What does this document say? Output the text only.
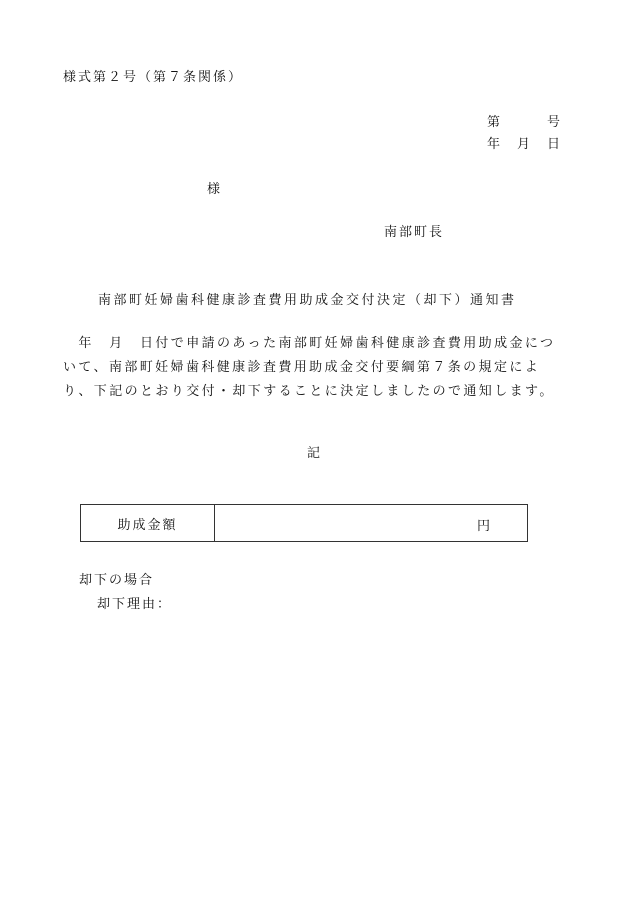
様式第２号（第７条関係）
第　　　号
年　月　日
様
南部町長
南部町妊婦歯科健康診査費用助成金交付決定（却下）通知書
　年　月　日付で申請のあった南部町妊婦歯科健康診査費用助成金について、南部町妊婦歯科健康診査費用助成金交付要綱第７条の規定により、下記のとおり交付・却下することに決定しましたので通知します。
記
助成金額	円
却下の場合
却下理由：
